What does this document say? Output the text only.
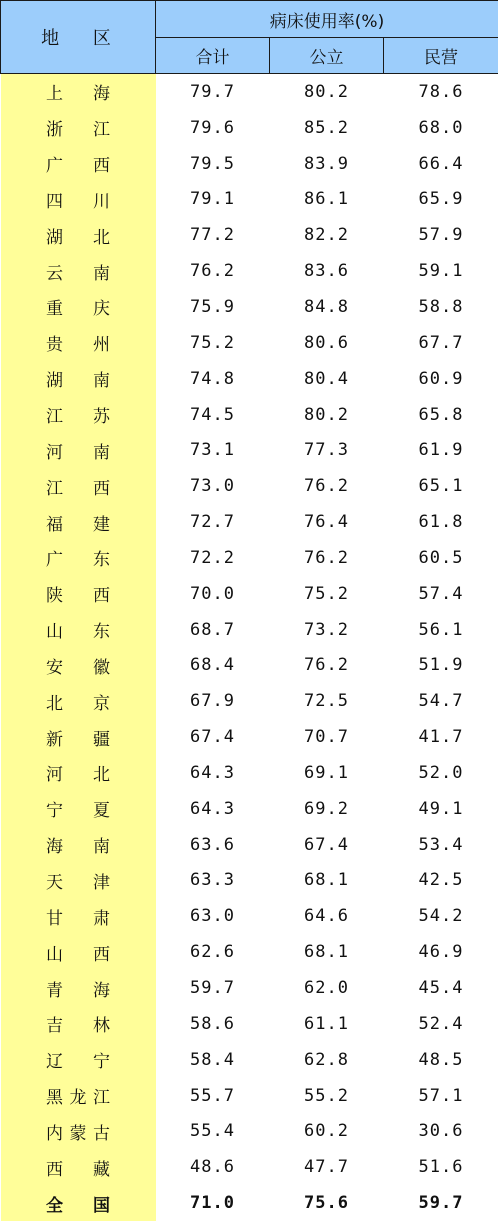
地 区	病床使用率(%)		
	合计	公立	民营
上 海	79.7	80.2	78.6
浙 江	79.6	85.2	68.0
广 西	79.5	83.9	66.4
四 川	79.1	86.1	65.9
湖 北	77.2	82.2	57.9
云 南	76.2	83.6	59.1
重 庆	75.9	84.8	58.8
贵 州	75.2	80.6	67.7
湖 南	74.8	80.4	60.9
江 苏	74.5	80.2	65.8
河 南	73.1	77.3	61.9
江 西	73.0	76.2	65.1
福 建	72.7	76.4	61.8
广 东	72.2	76.2	60.5
陕 西	70.0	75.2	57.4
山 东	68.7	73.2	56.1
安 徽	68.4	76.2	51.9
北 京	67.9	72.5	54.7
新 疆	67.4	70.7	41.7
河 北	64.3	69.1	52.0
宁 夏	64.3	69.2	49.1
海 南	63.6	67.4	53.4
天 津	63.3	68.1	42.5
甘 肃	63.0	64.6	54.2
山 西	62.6	68.1	46.9
青 海	59.7	62.0	45.4
吉 林	58.6	61.1	52.4
辽 宁	58.4	62.8	48.5
黑龙江	55.7	55.2	57.1
内蒙古	55.4	60.2	30.6
西 藏	48.6	47.7	51.6
全 国	71.0	75.6	59.7
